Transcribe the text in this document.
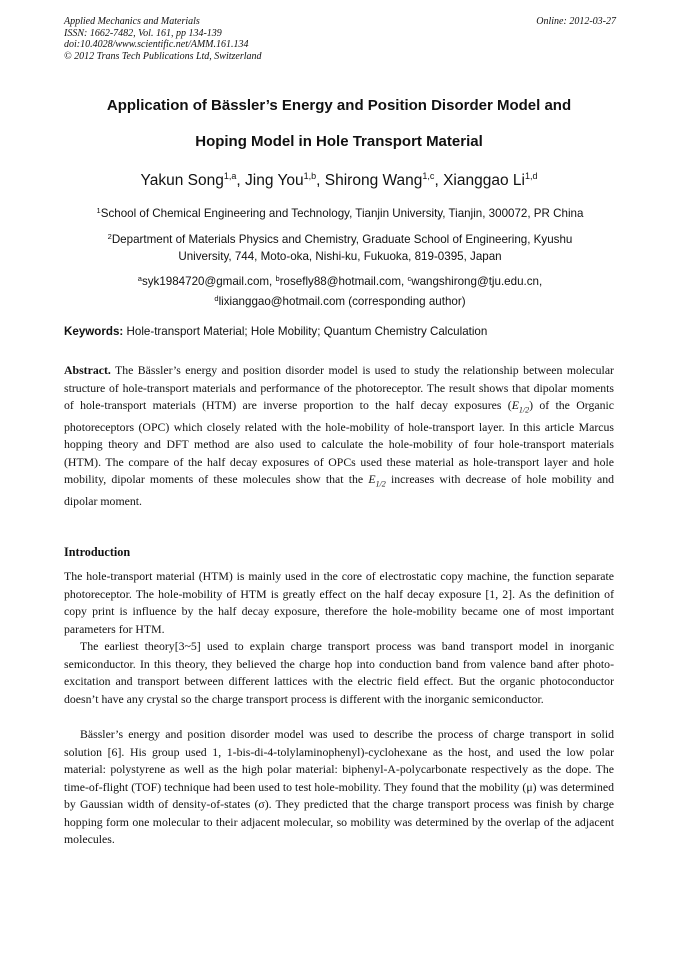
Applied Mechanics and Materials
ISSN: 1662-7482, Vol. 161, pp 134-139
doi:10.4028/www.scientific.net/AMM.161.134
© 2012 Trans Tech Publications Ltd, Switzerland
Online: 2012-03-27
Application of Bässler’s Energy and Position Disorder Model and
Hoping Model in Hole Transport Material
Yakun Song$^{1,a}$, Jing You$^{1,b}$, Shirong Wang$^{1,c}$, Xianggao Li$^{1,d}$
$^1$School of Chemical Engineering and Technology, Tianjin University, Tianjin, 300072, PR China
$^2$Department of Materials Physics and Chemistry, Graduate School of Engineering, Kyushu University, 744, Moto-oka, Nishi-ku, Fukuoka, 819-0395, Japan
$^a$syk1984720@gmail.com, $^b$rosefly88@hotmail.com, $^c$wangshirong@tju.edu.cn,
$^d$lixianggao@hotmail.com (corresponding author)
Keywords: Hole-transport Material; Hole Mobility; Quantum Chemistry Calculation
Abstract. The Bässler’s energy and position disorder model is used to study the relationship between molecular structure of hole-transport materials and performance of the photoreceptor. The result shows that dipolar moments of hole-transport materials (HTM) are inverse proportion to the half decay exposures $(E_{1/2})$ of the Organic photoreceptors (OPC) which closely related with the hole-mobility of hole-transport layer. In this article Marcus hopping theory and DFT method are also used to calculate the hole-mobility of four hole-transport materials (HTM). The compare of the half decay exposures of OPCs used these material as hole-transport layer and hole mobility, dipolar moments of these molecules show that the $E_{1/2}$ increases with decrease of hole mobility and dipolar moment.
Introduction
The hole-transport material (HTM) is mainly used in the core of electrostatic copy machine, the function separate photoreceptor. The hole-mobility of HTM is greatly effect on the half decay exposure [1, 2]. As the definition of copy print is influence by the half decay exposure, therefore the hole-mobility became one of most important parameters for HTM.
The earliest theory[3~5] used to explain charge transport process was band transport model in inorganic semiconductor. In this theory, they believed the charge hop into conduction band from valence band after photo-excitation and transport between different lattices with the electric field effect. But the organic photoconductor doesn’t have any crystal so the charge transport process is different with the inorganic semiconductor.
Bässler’s energy and position disorder model was used to describe the process of charge transport in solid solution [6]. His group used 1, 1-bis-di-4-tolylaminophenyl)-cyclohexane as the host, and used the low polar material: polystyrene as well as the high polar material: biphenyl-A-polycarbonate respectively as the dope. The time-of-flight (TOF) technique had been used to test hole-mobility. They found that the mobility (μ) was determined by Gaussian width of density-of-states (σ). They predicted that the charge transport process was finish by charge hopping form one molecular to their adjacent molecular, so mobility was determined by the overlap of the adjacent molecules.
